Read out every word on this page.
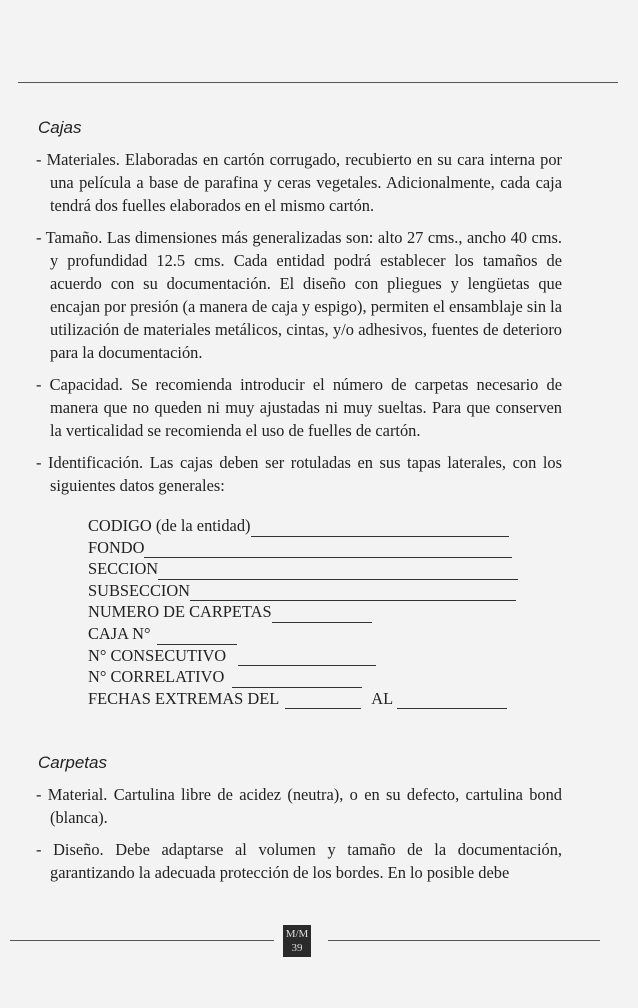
Cajas

- Materiales. Elaboradas en cartón corrugado, recubierto en su cara interna por una película a base de parafina y ceras vegetales. Adicionalmente, cada caja tendrá dos fuelles elaborados en el mismo cartón.

- Tamaño. Las dimensiones más generalizadas son: alto 27 cms., ancho 40 cms. y profundidad 12.5 cms. Cada entidad podrá establecer los tamaños de acuerdo con su documentación. El diseño con pliegues y lengüetas que encajan por presión (a manera de caja y espigo), permiten el ensamblaje sin la utilización de materiales metálicos, cintas, y/o adhesivos, fuentes de deterioro para la documentación.

- Capacidad. Se recomienda introducir el número de carpetas necesario de manera que no queden ni muy ajustadas ni muy sueltas. Para que conserven la verticalidad se recomienda el uso de fuelles de cartón.

- Identificación. Las cajas deben ser rotuladas en sus tapas laterales, con los siguientes datos generales:

CODIGO (de la entidad)
FONDO
SECCION
SUBSECCION
NUMERO DE CARPETAS
CAJA N°
N° CONSECUTIVO
N° CORRELATIVO
FECHAS EXTREMAS DEL	AL
Carpetas

- Material. Cartulina libre de acidez (neutra), o en su defecto, cartulina bond (blanca).

- Diseño. Debe adaptarse al volumen y tamaño de la documentación, garantizando la adecuada protección de los bordes. En lo posible debe

M/M
39
